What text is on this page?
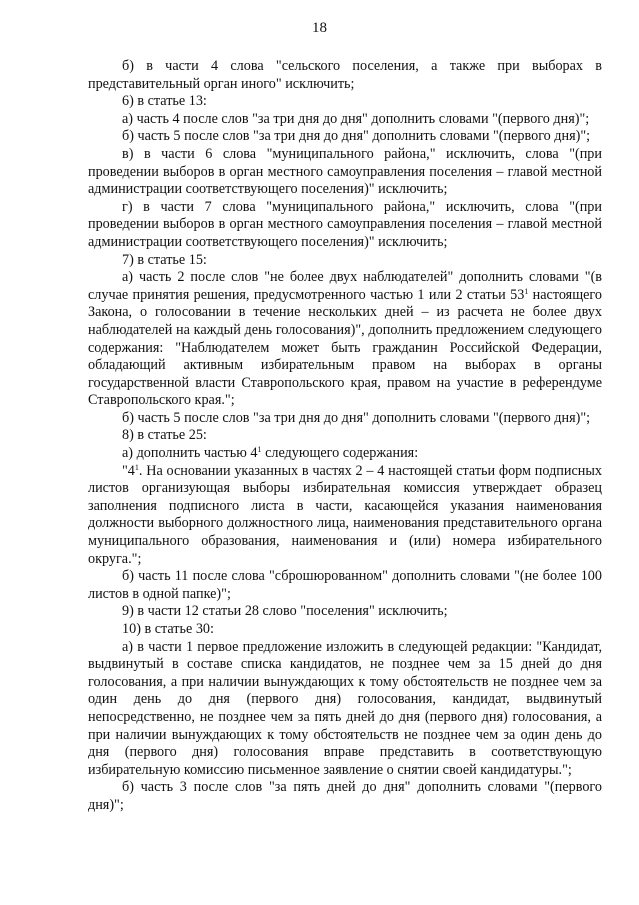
18

б) в части 4 слова "сельского поселения, а также при выборах в представительный орган иного" исключить;

6) в статье 13:

а) часть 4 после слов "за три дня до дня" дополнить словами "(первого дня)";

б) часть 5 после слов "за три дня до дня" дополнить словами "(первого дня)";

в) в части 6 слова "муниципального района," исключить, слова "(при проведении выборов в орган местного самоуправления поселения – главой местной администрации соответствующего поселения)" исключить;

г) в части 7 слова "муниципального района," исключить, слова "(при проведении выборов в орган местного самоуправления поселения – главой местной администрации соответствующего поселения)" исключить;

7) в статье 15:

а) часть 2 после слов "не более двух наблюдателей" дополнить словами "(в случае принятия решения, предусмотренного частью 1 или 2 статьи $53^1$ настоящего Закона, о голосовании в течение нескольких дней – из расчета не более двух наблюдателей на каждый день голосования)", дополнить предложением следующего содержания: "Наблюдателем может быть гражданин Российской Федерации, обладающий активным избирательным правом на выборах в органы государственной власти Ставропольского края, правом на участие в референдуме Ставропольского края.";

б) часть 5 после слов "за три дня до дня" дополнить словами "(первого дня)";

8) в статье 25:

а) дополнить частью $4^1$ следующего содержания:

"$4^1$. На основании указанных в частях 2 – 4 настоящей статьи форм подписных листов организующая выборы избирательная комиссия утверждает образец заполнения подписного листа в части, касающейся указания наименования должности выборного должностного лица, наименования представительного органа муниципального образования, наименования и (или) номера избирательного округа.";

б) часть 11 после слова "сброшюрованном" дополнить словами "(не более 100 листов в одной папке)";

9) в части 12 статьи 28 слово "поселения" исключить;

10) в статье 30:

а) в части 1 первое предложение изложить в следующей редакции: "Кандидат, выдвинутый в составе списка кандидатов, не позднее чем за 15 дней до дня голосования, а при наличии вынуждающих к тому обстоятельств не позднее чем за один день до дня (первого дня) голосования, кандидат, выдвинутый непосредственно, не позднее чем за пять дней до дня (первого дня) голосования, а при наличии вынуждающих к тому обстоятельств не позднее чем за один день до дня (первого дня) голосования вправе представить в соответствующую избирательную комиссию письменное заявление о снятии своей кандидатуры.";

б) часть 3 после слов "за пять дней до дня" дополнить словами "(первого дня)";
